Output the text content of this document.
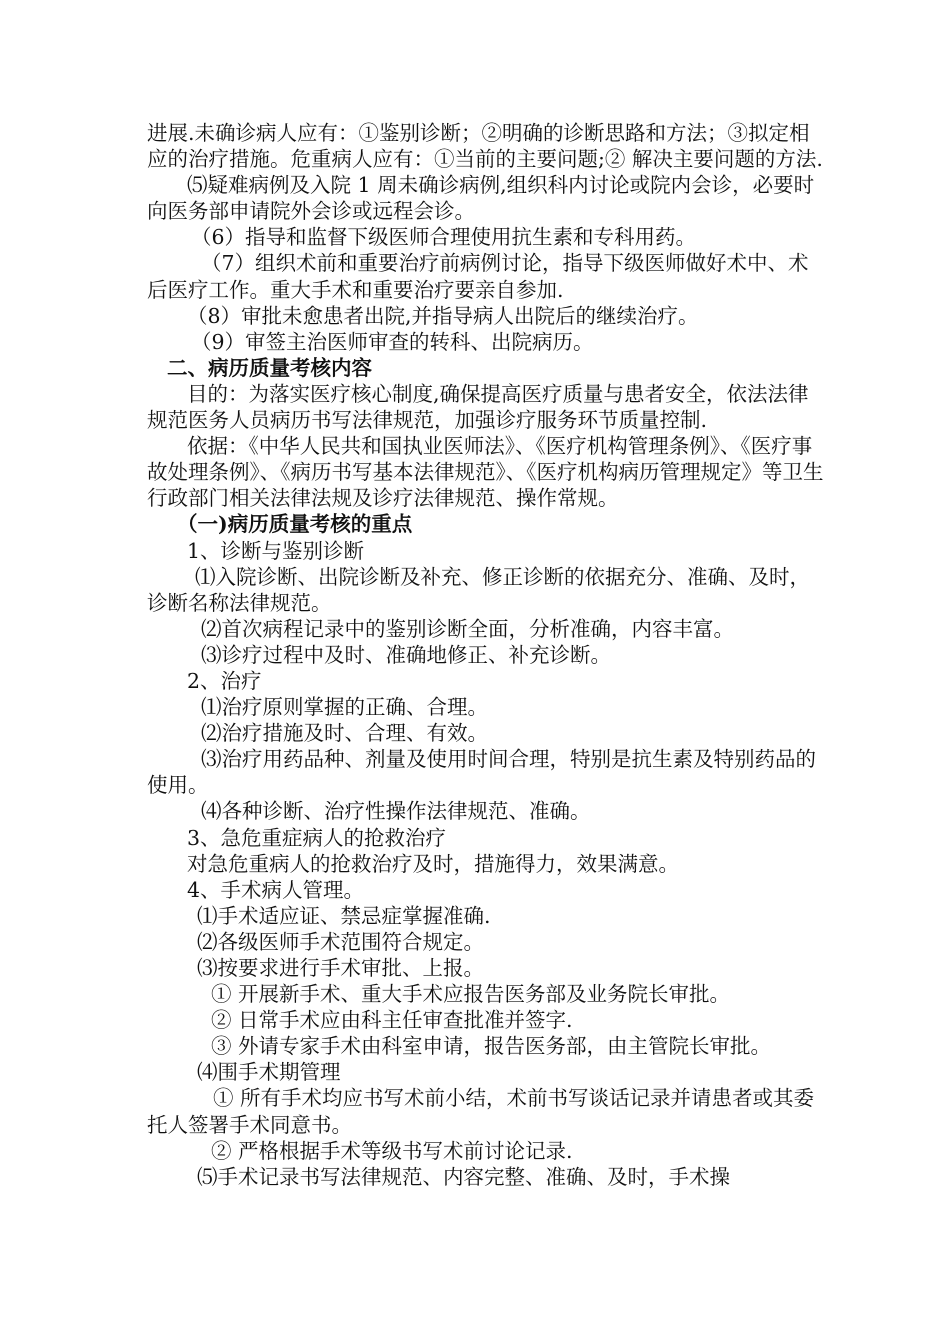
进展.未确诊病人应有：①鉴别诊断；②明确的诊断思路和方法；③拟定相应的治疗措施。危重病人应有：①当前的主要问题;② 解决主要问题的方法.

⑸疑难病例及入院 1 周未确诊病例,组织科内讨论或院内会诊，必要时向医务部申请院外会诊或远程会诊。

（6）指导和监督下级医师合理使用抗生素和专科用药。

（7）组织术前和重要治疗前病例讨论，指导下级医师做好术中、术后医疗工作。重大手术和重要治疗要亲自参加.

（8）审批未愈患者出院,并指导病人出院后的继续治疗。

（9）审签主治医师审查的转科、出院病历。

二、病历质量考核内容

目的：为落实医疗核心制度,确保提高医疗质量与患者安全，依法法律规范医务人员病历书写法律规范，加强诊疗服务环节质量控制.

依据：《中华人民共和国执业医师法》、《医疗机构管理条例》、《医疗事故处理条例》、《病历书写基本法律规范》、《医疗机构病历管理规定》等卫生行政部门相关法律法规及诊疗法律规范、操作常规。

（一)病历质量考核的重点

1、诊断与鉴别诊断

⑴入院诊断、出院诊断及补充、修正诊断的依据充分、准确、及时，诊断名称法律规范。

⑵首次病程记录中的鉴别诊断全面，分析准确，内容丰富。

⑶诊疗过程中及时、准确地修正、补充诊断。

2、治疗

⑴治疗原则掌握的正确、合理。

⑵治疗措施及时、合理、有效。

⑶治疗用药品种、剂量及使用时间合理，特别是抗生素及特别药品的使用。

⑷各种诊断、治疗性操作法律规范、准确。

3、急危重症病人的抢救治疗

对急危重病人的抢救治疗及时，措施得力，效果满意。

4、手术病人管理。

⑴手术适应证、禁忌症掌握准确.

⑵各级医师手术范围符合规定。

⑶按要求进行手术审批、上报。

① 开展新手术、重大手术应报告医务部及业务院长审批。

② 日常手术应由科主任审查批准并签字.

③ 外请专家手术由科室申请，报告医务部，由主管院长审批。

⑷围手术期管理

① 所有手术均应书写术前小结，术前书写谈话记录并请患者或其委托人签署手术同意书。

② 严格根据手术等级书写术前讨论记录.

⑸手术记录书写法律规范、内容完整、准确、及时，手术操
